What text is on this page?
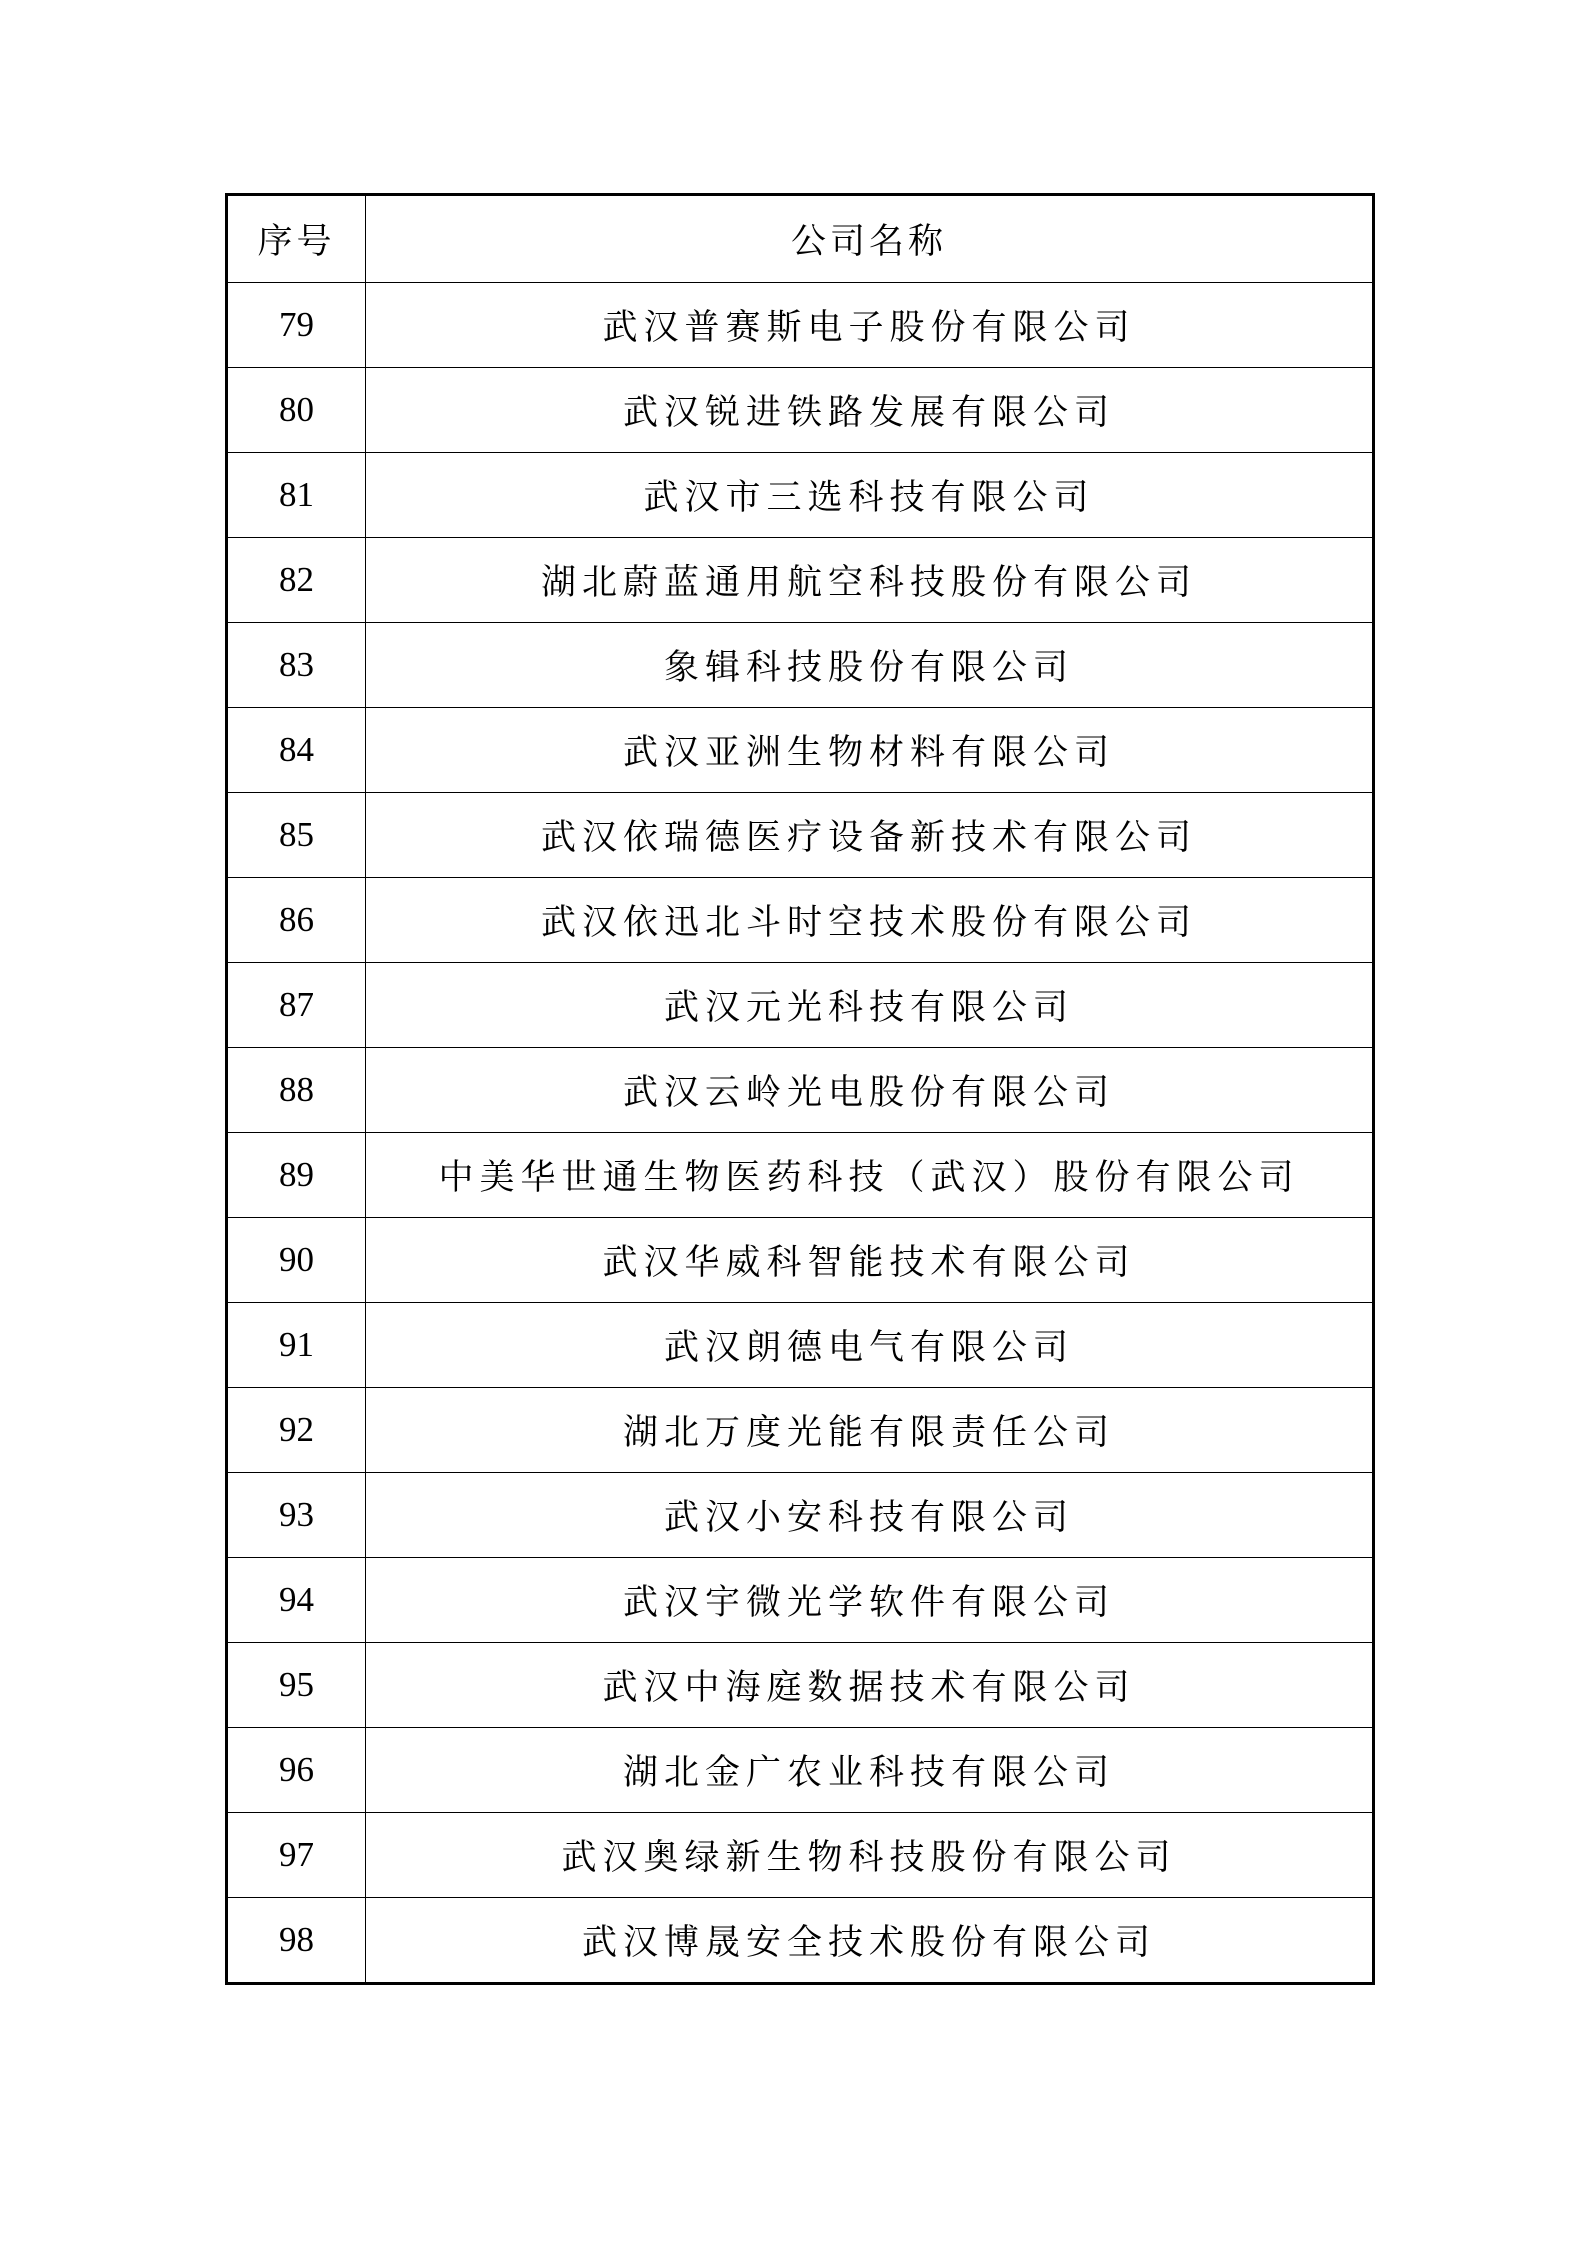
序号	公司名称
79	武汉普赛斯电子股份有限公司
80	武汉锐进铁路发展有限公司
81	武汉市三选科技有限公司
82	湖北蔚蓝通用航空科技股份有限公司
83	象辑科技股份有限公司
84	武汉亚洲生物材料有限公司
85	武汉依瑞德医疗设备新技术有限公司
86	武汉依迅北斗时空技术股份有限公司
87	武汉元光科技有限公司
88	武汉云岭光电股份有限公司
89	中美华世通生物医药科技（武汉）股份有限公司
90	武汉华威科智能技术有限公司
91	武汉朗德电气有限公司
92	湖北万度光能有限责任公司
93	武汉小安科技有限公司
94	武汉宇微光学软件有限公司
95	武汉中海庭数据技术有限公司
96	湖北金广农业科技有限公司
97	武汉奥绿新生物科技股份有限公司
98	武汉博晟安全技术股份有限公司
